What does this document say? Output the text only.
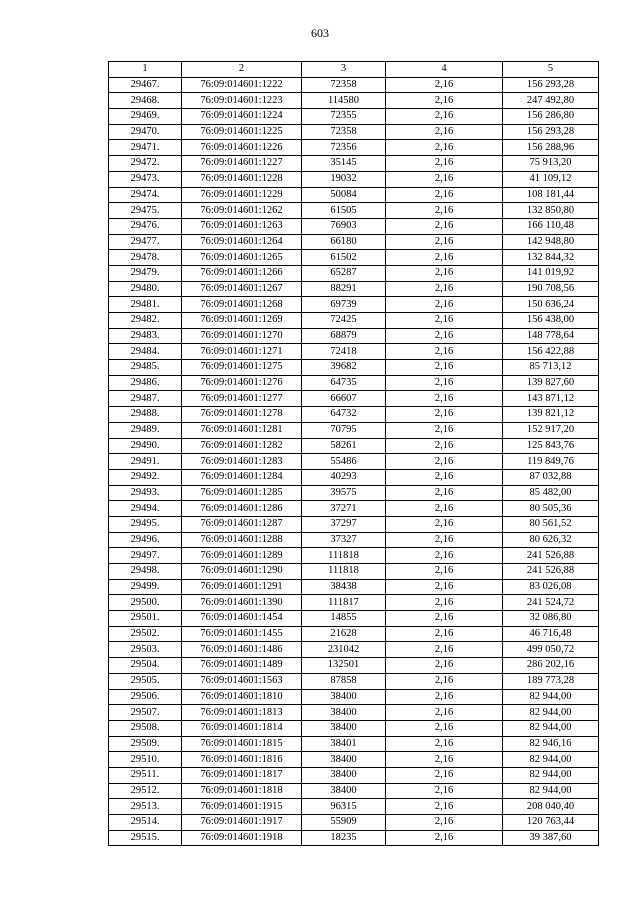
603
1	2	3	4	5
29467.	76:09:014601:1222	72358	2,16	156 293,28
29468.	76:09:014601:1223	114580	2,16	247 492,80
29469.	76:09:014601:1224	72355	2,16	156 286,80
29470.	76:09:014601:1225	72358	2,16	156 293,28
29471.	76:09:014601:1226	72356	2,16	156 288,96
29472.	76:09:014601:1227	35145	2,16	75 913,20
29473.	76:09:014601:1228	19032	2,16	41 109,12
29474.	76:09:014601:1229	50084	2,16	108 181,44
29475.	76:09:014601:1262	61505	2,16	132 850,80
29476.	76:09:014601:1263	76903	2,16	166 110,48
29477.	76:09:014601:1264	66180	2,16	142 948,80
29478.	76:09:014601:1265	61502	2,16	132 844,32
29479.	76:09:014601:1266	65287	2,16	141 019,92
29480.	76:09:014601:1267	88291	2,16	190 708,56
29481.	76:09:014601:1268	69739	2,16	150 636,24
29482.	76:09:014601:1269	72425	2,16	156 438,00
29483.	76:09:014601:1270	68879	2,16	148 778,64
29484.	76:09:014601:1271	72418	2,16	156 422,88
29485.	76:09:014601:1275	39682	2,16	85 713,12
29486.	76:09:014601:1276	64735	2,16	139 827,60
29487.	76:09:014601:1277	66607	2,16	143 871,12
29488.	76:09:014601:1278	64732	2,16	139 821,12
29489.	76:09:014601:1281	70795	2,16	152 917,20
29490.	76:09:014601:1282	58261	2,16	125 843,76
29491.	76:09:014601:1283	55486	2,16	119 849,76
29492.	76:09:014601:1284	40293	2,16	87 032,88
29493.	76:09:014601:1285	39575	2,16	85 482,00
29494.	76:09:014601:1286	37271	2,16	80 505,36
29495.	76:09:014601:1287	37297	2,16	80 561,52
29496.	76:09:014601:1288	37327	2,16	80 626,32
29497.	76:09:014601:1289	111818	2,16	241 526,88
29498.	76:09:014601:1290	111818	2,16	241 526,88
29499.	76:09:014601:1291	38438	2,16	83 026,08
29500.	76:09:014601:1390	111817	2,16	241 524,72
29501.	76:09:014601:1454	14855	2,16	32 086,80
29502.	76:09:014601:1455	21628	2,16	46 716,48
29503.	76:09:014601:1486	231042	2,16	499 050,72
29504.	76:09:014601:1489	132501	2,16	286 202,16
29505.	76:09:014601:1563	87858	2,16	189 773,28
29506.	76:09:014601:1810	38400	2,16	82 944,00
29507.	76:09:014601:1813	38400	2,16	82 944,00
29508.	76:09:014601:1814	38400	2,16	82 944,00
29509.	76:09:014601:1815	38401	2,16	82 946,16
29510.	76:09:014601:1816	38400	2,16	82 944,00
29511.	76:09:014601:1817	38400	2,16	82 944,00
29512.	76:09:014601:1818	38400	2,16	82 944,00
29513.	76:09:014601:1915	96315	2,16	208 040,40
29514.	76:09:014601:1917	55909	2,16	120 763,44
29515.	76:09:014601:1918	18235	2,16	39 387,60
